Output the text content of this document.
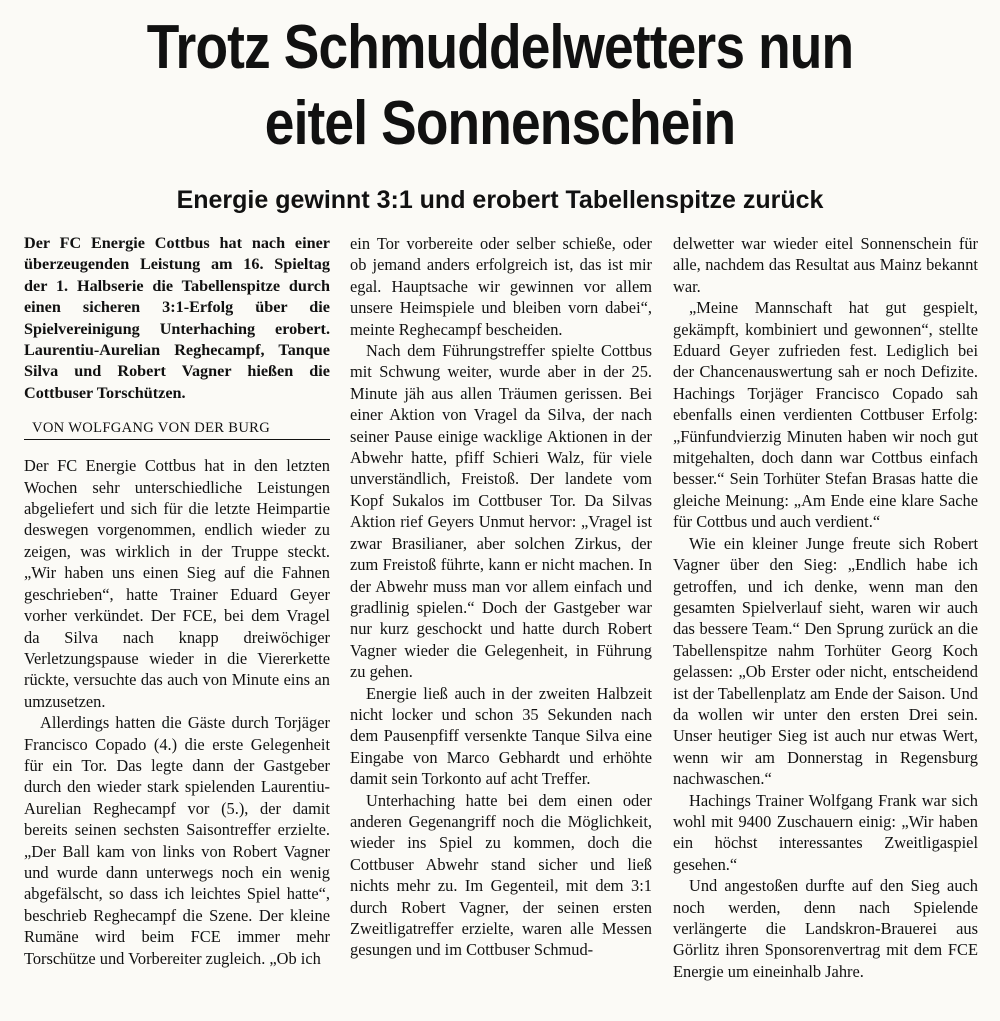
Trotz Schmuddelwetters nun
eitel Sonnenschein
Energie gewinnt 3:1 und erobert Tabellenspitze zurück

Der FC Energie Cottbus hat nach einer überzeugenden Leistung am 16. Spieltag der 1. Halbserie die Tabellenspitze durch einen sicheren 3:1-Erfolg über die Spielvereinigung Unterhaching erobert. Laurentiu-Aurelian Reghecampf, Tanque Silva und Robert Vagner hießen die Cottbuser Torschützen.

VON WOLFGANG VON DER BURG

Der FC Energie Cottbus hat in den letzten Wochen sehr unterschiedliche Leistungen abgeliefert und sich für die letzte Heimpartie deswegen vorgenommen, endlich wieder zu zeigen, was wirklich in der Truppe steckt. „Wir haben uns einen Sieg auf die Fahnen geschrieben“, hatte Trainer Eduard Geyer vorher verkündet. Der FCE, bei dem Vragel da Silva nach knapp dreiwöchiger Verletzungspause wieder in die Viererkette rückte, versuchte das auch von Minute eins an umzusetzen.

Allerdings hatten die Gäste durch Torjäger Francisco Copado (4.) die erste Gelegenheit für ein Tor. Das legte dann der Gastgeber durch den wieder stark spielenden Laurentiu-Aurelian Reghecampf vor (5.), der damit bereits seinen sechsten Saisontreffer erzielte. „Der Ball kam von links von Robert Vagner und wurde dann unterwegs noch ein wenig abgefälscht, so dass ich leichtes Spiel hatte“, beschrieb Reghecampf die Szene. Der kleine Rumäne wird beim FCE immer mehr Torschütze und Vorbereiter zugleich. „Ob ich

ein Tor vorbereite oder selber schieße, oder ob jemand anders erfolgreich ist, das ist mir egal. Hauptsache wir gewinnen vor allem unsere Heimspiele und bleiben vorn dabei“, meinte Reghecampf bescheiden.

Nach dem Führungstreffer spielte Cottbus mit Schwung weiter, wurde aber in der 25. Minute jäh aus allen Träumen gerissen. Bei einer Aktion von Vragel da Silva, der nach seiner Pause einige wacklige Aktionen in der Abwehr hatte, pfiff Schieri Walz, für viele unverständlich, Freistoß. Der landete vom Kopf Sukalos im Cottbuser Tor. Da Silvas Aktion rief Geyers Unmut hervor: „Vragel ist zwar Brasilianer, aber solchen Zirkus, der zum Freistoß führte, kann er nicht machen. In der Abwehr muss man vor allem einfach und gradlinig spielen.“ Doch der Gastgeber war nur kurz geschockt und hatte durch Robert Vagner wieder die Gelegenheit, in Führung zu gehen.

Energie ließ auch in der zweiten Halbzeit nicht locker und schon 35 Sekunden nach dem Pausenpfiff versenkte Tanque Silva eine Eingabe von Marco Gebhardt und erhöhte damit sein Torkonto auf acht Treffer.

Unterhaching hatte bei dem einen oder anderen Gegenangriff noch die Möglichkeit, wieder ins Spiel zu kommen, doch die Cottbuser Abwehr stand sicher und ließ nichts mehr zu. Im Gegenteil, mit dem 3:1 durch Robert Vagner, der seinen ersten Zweitligatreffer erzielte, waren alle Messen gesungen und im Cottbuser Schmud-

delwetter war wieder eitel Sonnenschein für alle, nachdem das Resultat aus Mainz bekannt war.

„Meine Mannschaft hat gut gespielt, gekämpft, kombiniert und gewonnen“, stellte Eduard Geyer zufrieden fest. Lediglich bei der Chancenauswertung sah er noch Defizite. Hachings Torjäger Francisco Copado sah ebenfalls einen verdienten Cottbuser Erfolg: „Fünfundvierzig Minuten haben wir noch gut mitgehalten, doch dann war Cottbus einfach besser.“ Sein Torhüter Stefan Brasas hatte die gleiche Meinung: „Am Ende eine klare Sache für Cottbus und auch verdient.“

Wie ein kleiner Junge freute sich Robert Vagner über den Sieg: „Endlich habe ich getroffen, und ich denke, wenn man den gesamten Spielverlauf sieht, waren wir auch das bessere Team.“ Den Sprung zurück an die Tabellenspitze nahm Torhüter Georg Koch gelassen: „Ob Erster oder nicht, entscheidend ist der Tabellenplatz am Ende der Saison. Und da wollen wir unter den ersten Drei sein. Unser heutiger Sieg ist auch nur etwas Wert, wenn wir am Donnerstag in Regensburg nachwaschen.“

Hachings Trainer Wolfgang Frank war sich wohl mit 9400 Zuschauern einig: „Wir haben ein höchst interessantes Zweitligaspiel gesehen.“

Und angestoßen durfte auf den Sieg auch noch werden, denn nach Spielende verlängerte die Landskron-Brauerei aus Görlitz ihren Sponsorenvertrag mit dem FCE Energie um eineinhalb Jahre.
